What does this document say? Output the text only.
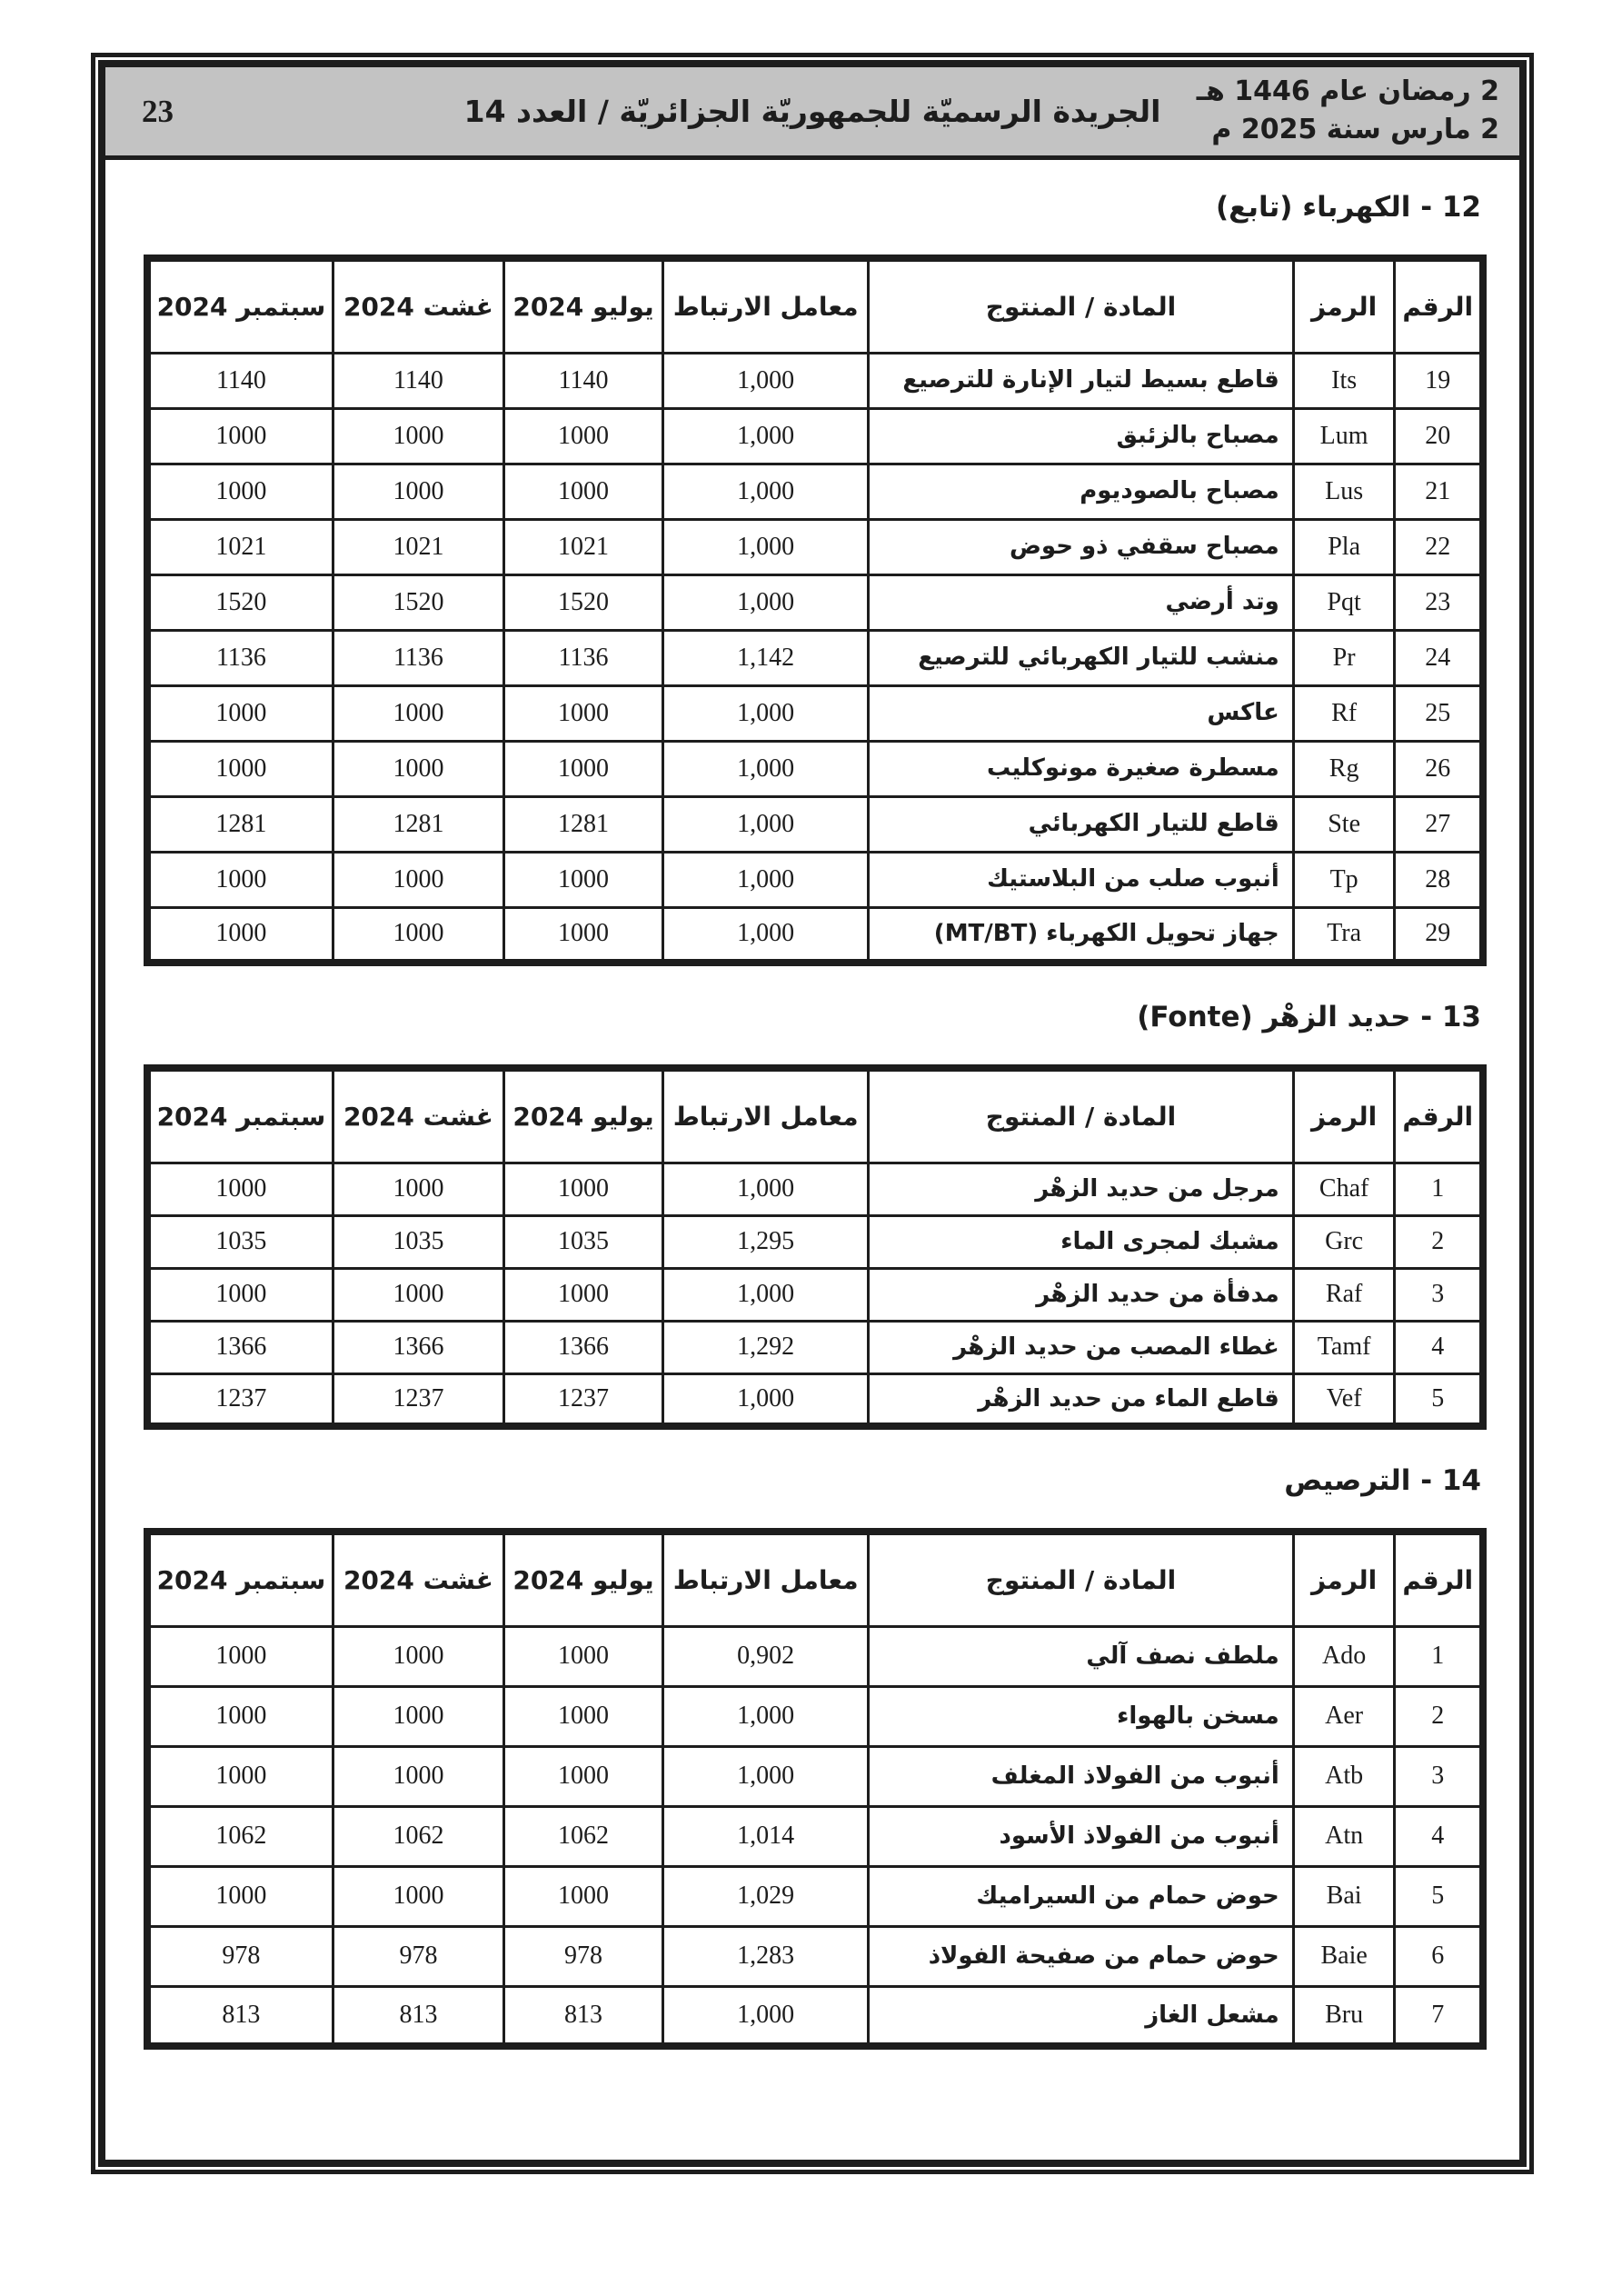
23	الجريدة الرسميّة للجمهوريّة الجزائريّة / العدد 14
2 رمضان عام 1446 هـ
2 مارس سنة 2025 م
12 - الكهرباء (تابع)
الرقم	الرمز	المادة / المنتوج	معامل الارتباط	يوليو 2024	غشت 2024	سبتمبر 2024
19	Its	قاطع بسيط لتيار الإنارة للترصيع	1,000	1140	1140	1140
20	Lum	مصباح بالزئبق	1,000	1000	1000	1000
21	Lus	مصباح بالصوديوم	1,000	1000	1000	1000
22	Pla	مصباح سقفي ذو حوض	1,000	1021	1021	1021
23	Pqt	وتد أرضي	1,000	1520	1520	1520
24	Pr	منشب للتيار الكهربائي للترصيع	1,142	1136	1136	1136
25	Rf	عاكس	1,000	1000	1000	1000
26	Rg	مسطرة صغيرة مونوكليب	1,000	1000	1000	1000
27	Ste	قاطع للتيار الكهربائي	1,000	1281	1281	1281
28	Tp	أنبوب صلب من البلاستيك	1,000	1000	1000	1000
29	Tra	جهاز تحويل الكهرباء (MT/BT)	1,000	1000	1000	1000
13 - حديد الزهْر (Fonte)
الرقم	الرمز	المادة / المنتوج	معامل الارتباط	يوليو 2024	غشت 2024	سبتمبر 2024
1	Chaf	مرجل من حديد الزهْر	1,000	1000	1000	1000
2	Grc	مشبك لمجرى الماء	1,295	1035	1035	1035
3	Raf	مدفأة من حديد الزهْر	1,000	1000	1000	1000
4	Tamf	غطاء المصب من حديد الزهْر	1,292	1366	1366	1366
5	Vef	قاطع الماء من حديد الزهْر	1,000	1237	1237	1237
14 - الترصيص
الرقم	الرمز	المادة / المنتوج	معامل الارتباط	يوليو 2024	غشت 2024	سبتمبر 2024
1	Ado	ملطف نصف آلي	0,902	1000	1000	1000
2	Aer	مسخن بالهواء	1,000	1000	1000	1000
3	Atb	أنبوب من الفولاذ المغلف	1,000	1000	1000	1000
4	Atn	أنبوب من الفولاذ الأسود	1,014	1062	1062	1062
5	Bai	حوض حمام من السيراميك	1,029	1000	1000	1000
6	Baie	حوض حمام من صفيحة الفولاذ	1,283	978	978	978
7	Bru	مشعل الغاز	1,000	813	813	813
